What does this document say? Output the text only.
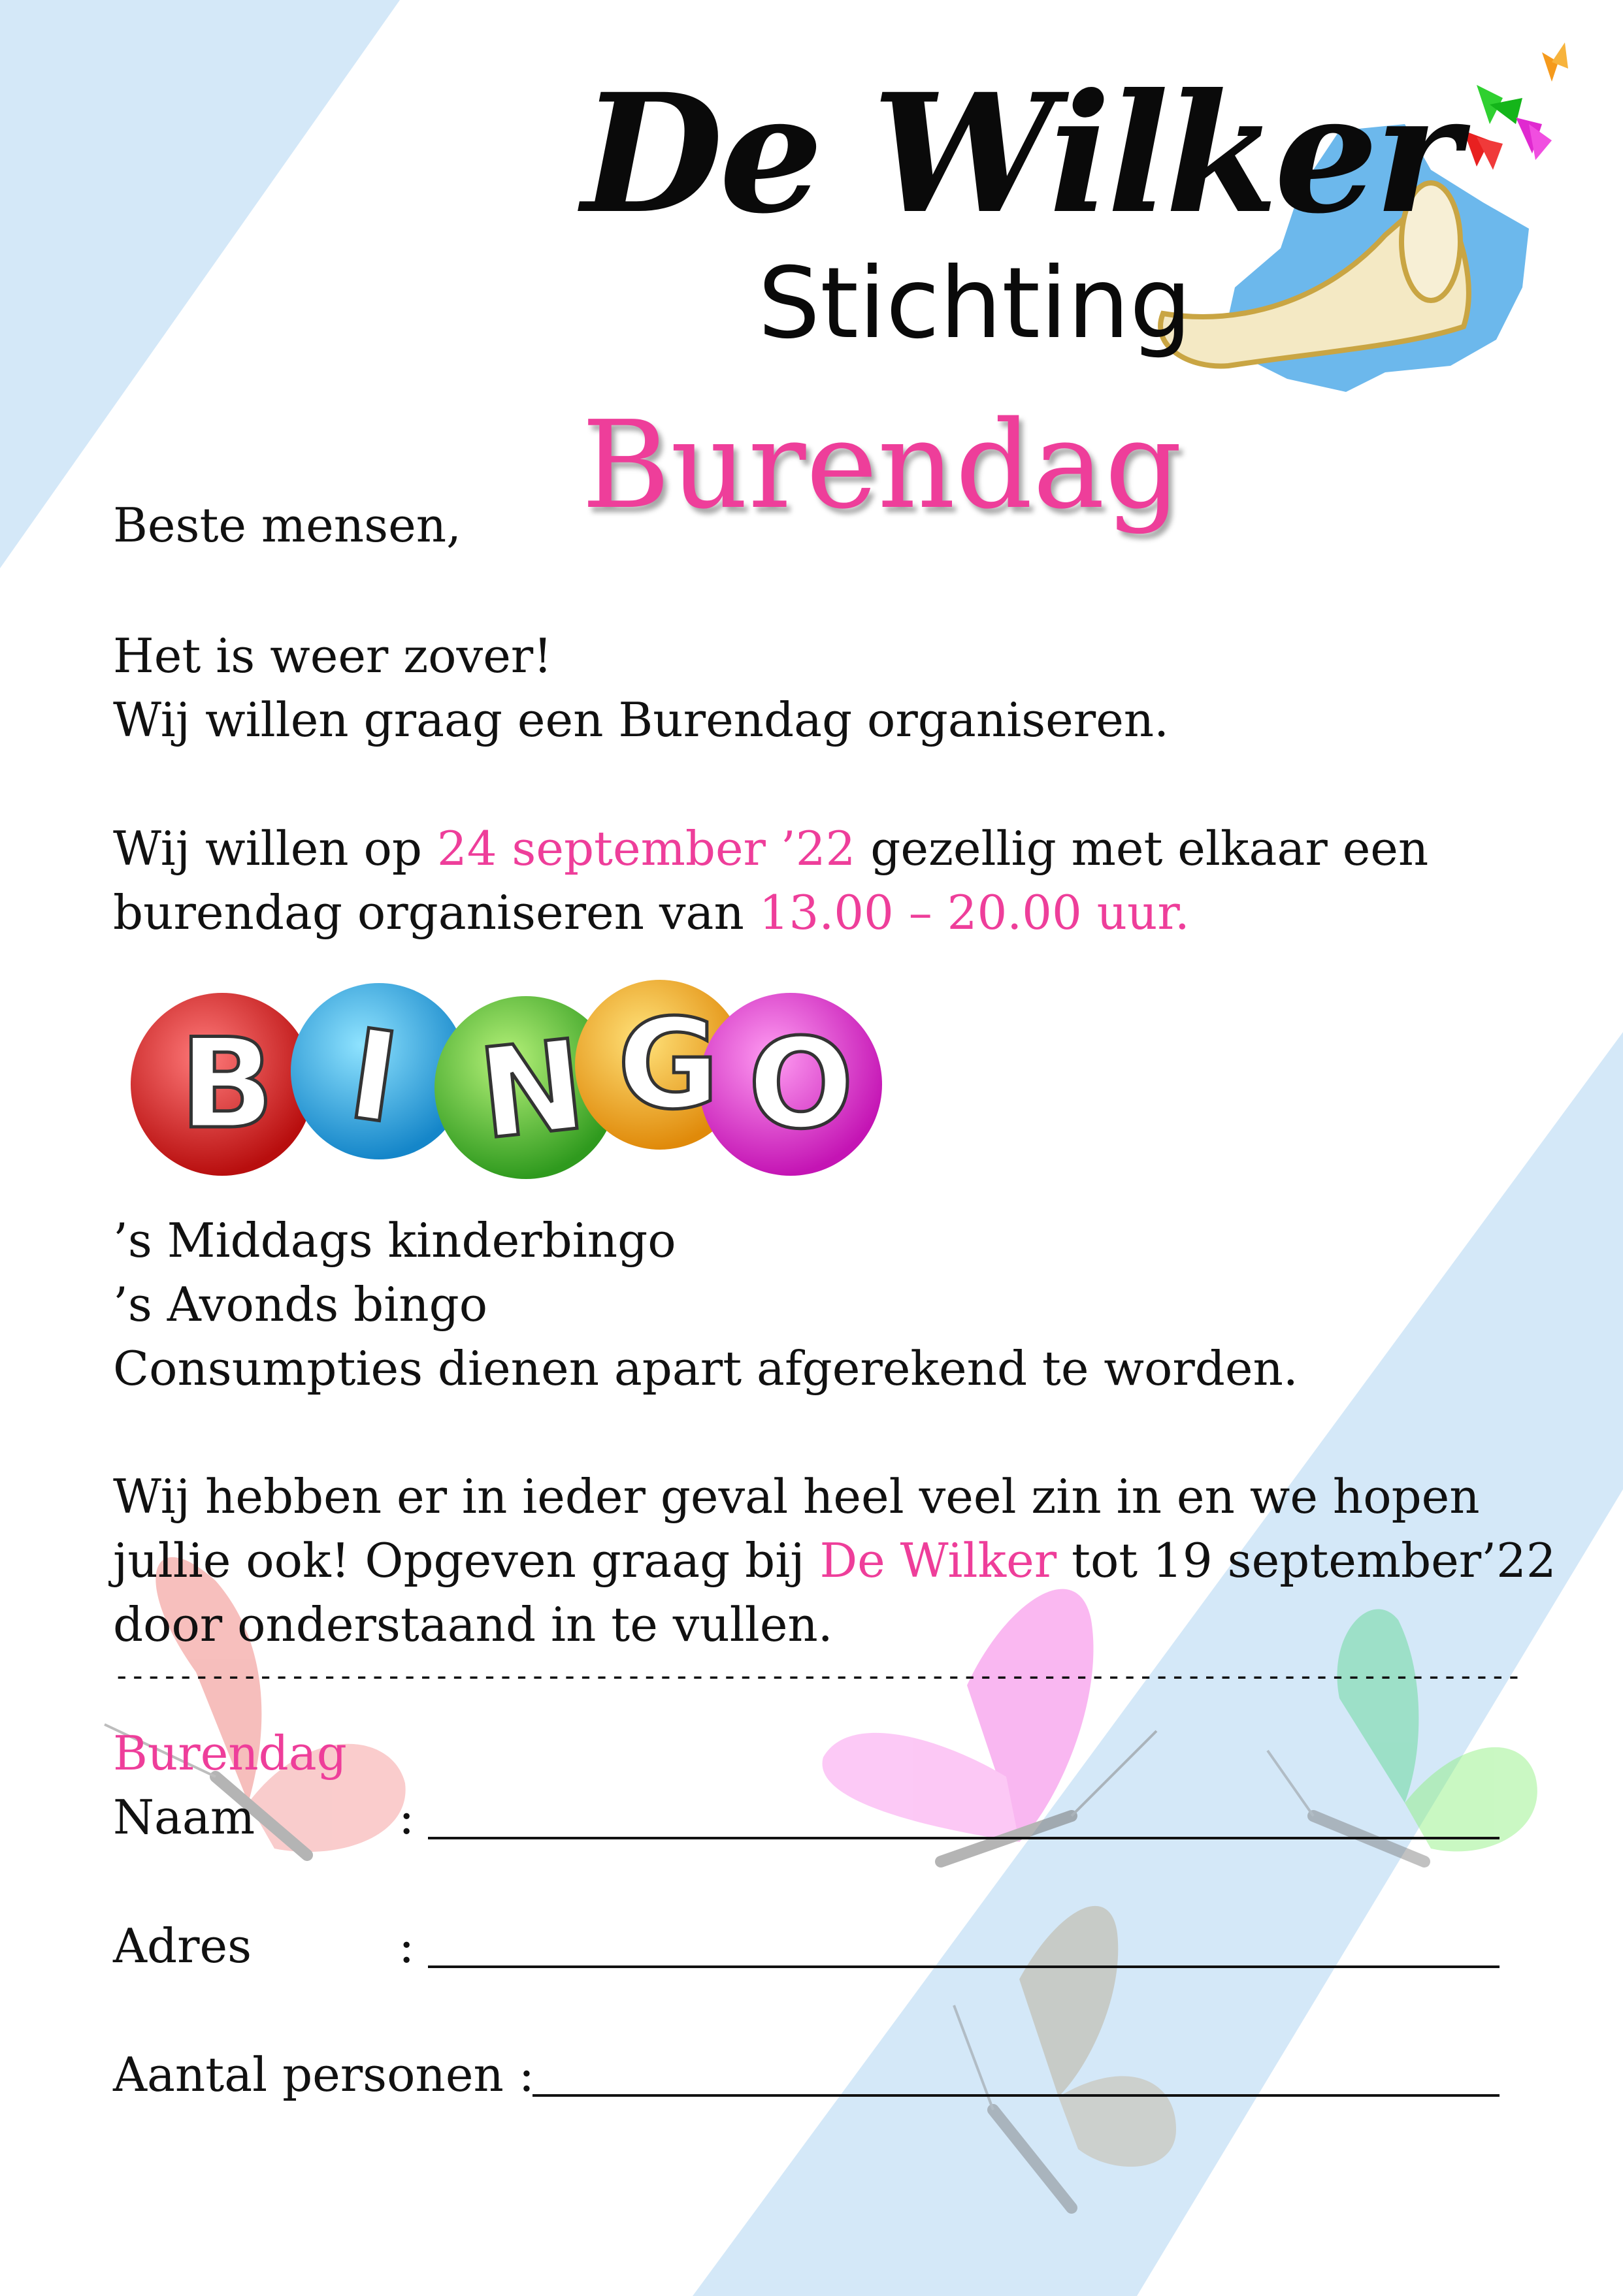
De Wilker
Stichting
Burendag
Beste mensen,
Het is weer zover!
Wij willen graag een Burendag organiseren.
Wij willen op 24 september ’22 gezellig met elkaar een
burendag organiseren van 13.00 – 20.00 uur.
B I N G O
’s Middags kinderbingo
’s Avonds bingo
Consumpties dienen apart afgerekend te worden.
Wij hebben er in ieder geval heel veel zin in en we hopen
jullie ook! Opgeven graag bij De Wilker tot 19 september’22
door onderstaand in te vullen.
----------------------------------------------------------------------------------------
Burendag
Naam	:
Adres	:
Aantal personen :
